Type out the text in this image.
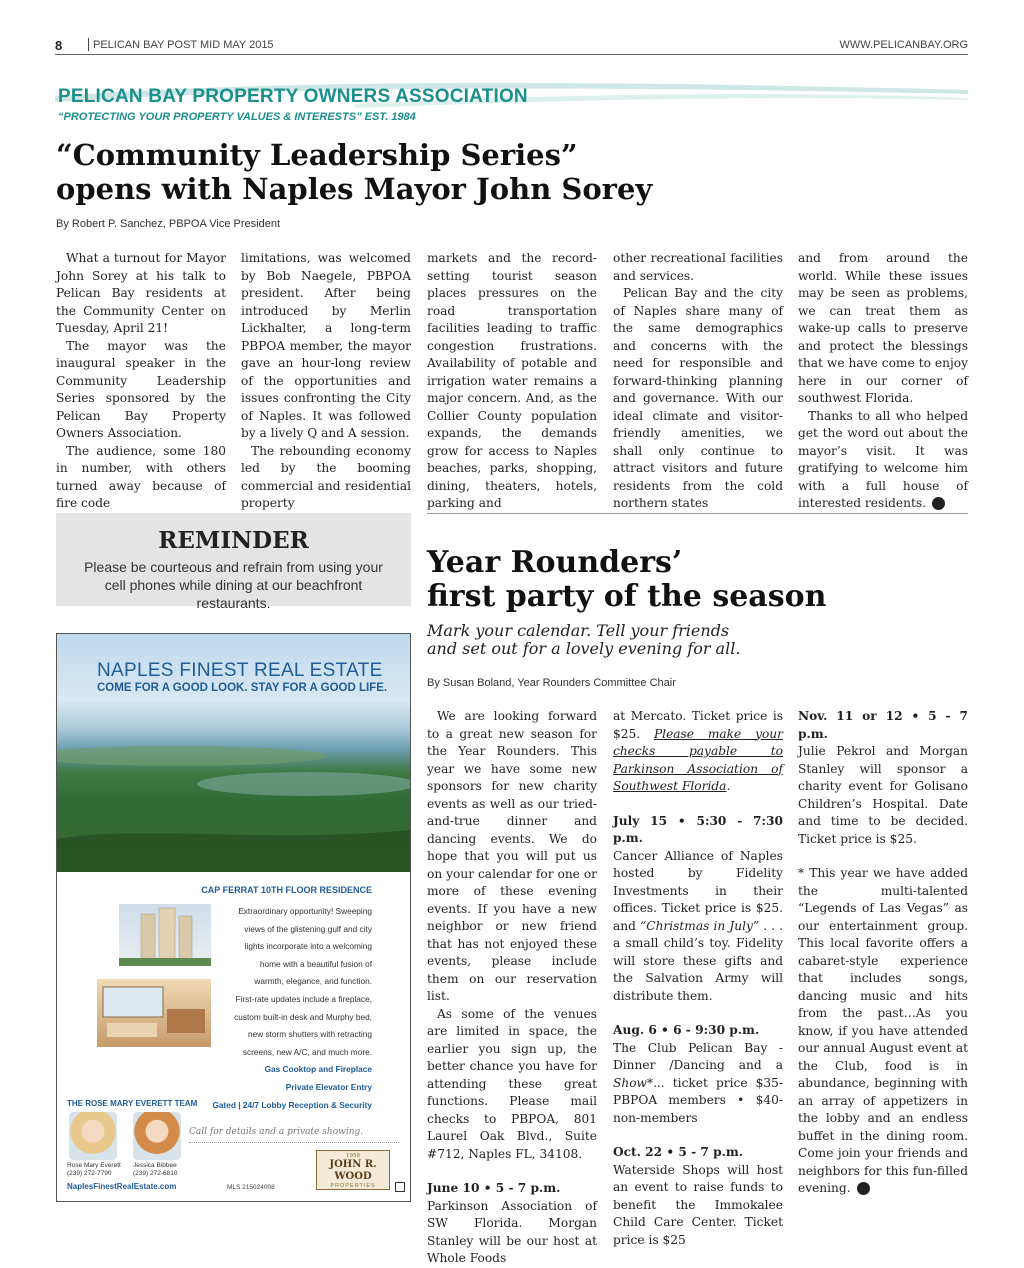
8	PELICAN BAY POST MID MAY 2015	WWW.PELICANBAY.ORG
PELICAN BAY PROPERTY OWNERS ASSOCIATION
“PROTECTING YOUR PROPERTY VALUES & INTERESTS” EST. 1984
“Community Leadership Series”
opens with Naples Mayor John Sorey
By Robert P. Sanchez, PBPOA Vice President

What a turnout for Mayor John Sorey at his talk to Pelican Bay residents at the Community Center on Tuesday, April 21!

The mayor was the inaugural speaker in the Community Leadership Series sponsored by the Pelican Bay Property Owners Association.

The audience, some 180 in number, with others turned away because of fire code

limitations, was welcomed by Bob Naegele, PBPOA president. After being introduced by Merlin Lickhalter, a long-term PBPOA member, the mayor gave an hour-long review of the opportunities and issues confronting the City of Naples. It was followed by a lively Q and A session.

The rebounding economy led by the booming commercial and residential property

markets and the record-setting tourist season places pressures on the road transportation facilities leading to traffic congestion frustrations. Availability of potable and irrigation water remains a major concern. And, as the Collier County population expands, the demands grow for access to Naples beaches, parks, shopping, dining, theaters, hotels, parking and

other recreational facilities and services.

Pelican Bay and the city of Naples share many of the same demographics and concerns with the need for responsible and forward-thinking planning and governance. With our ideal climate and visitor-friendly amenities, we shall only continue to attract visitors and future residents from the cold northern states

and from around the world. While these issues may be seen as problems, we can treat them as wake-up calls to preserve and protect the blessings that we have come to enjoy here in our corner of southwest Florida.

Thanks to all who helped get the word out about the mayor’s visit. It was gratifying to welcome him with a full house of interested residents.

REMINDER
Please be courteous and refrain from using your cell phones while dining at our beachfront restaurants.
NAPLES FINEST REAL ESTATE
COME FOR A GOOD LOOK. STAY FOR A GOOD LIFE.
CAP FERRAT 10TH FLOOR RESIDENCE

Extraordinary opportunity! Sweeping

views of the glistening gulf and city

lights incorporate into a welcoming

home with a beautiful fusion of

warmth, elegance, and function.

First-rate updates include a fireplace,

custom built-in desk and Murphy bed,

new storm shutters with retracting

screens, new A/C, and much more.

Gas Cooktop and Fireplace

Private Elevator Entry

Gated | 24/7 Lobby Reception & Security

THE ROSE MARY EVERETT TEAM
Rose Mary Everett
(239) 272-7790
Jessica Bibbee
(239) 272-6810
NaplesFinestRealEstate.com
Call for details and a private showing.
MLS 215024008
1958
JOHN R. WOOD
PROPERTIES
Year Rounders’
first party of the season
Mark your calendar. Tell your friends
and set out for a lovely evening for all.
By Susan Boland, Year Rounders Committee Chair

We are looking forward to a great new season for the Year Rounders. This year we have some new sponsors for new charity events as well as our tried-and-true dinner and dancing events. We do hope that you will put us on your calendar for one or more of these evening events. If you have a new neighbor or new friend that has not enjoyed these events, please include them on our reservation list.

As some of the venues are limited in space, the earlier you sign up, the better chance you have for attending these great functions. Please mail checks to PBPOA, 801 Laurel Oak Blvd., Suite #712, Naples FL, 34108.

June 10 • 5 - 7 p.m.

Parkinson Association of SW Florida. Morgan Stanley will be our host at Whole Foods

at Mercato. Ticket price is $25. Please make your checks payable to Parkinson Association of Southwest Florida.

July 15 • 5:30 - 7:30 p.m.

Cancer Alliance of Naples hosted by Fidelity Investments in their offices. Ticket price is $25. and “Christmas in July” . . . a small child’s toy. Fidelity will store these gifts and the Salvation Army will distribute them.

Aug. 6 • 6 - 9:30 p.m.

The Club Pelican Bay - Dinner /Dancing and a Show*... ticket price $35-PBPOA members • $40-non-members

Oct. 22 • 5 - 7 p.m.

Waterside Shops will host an event to raise funds to benefit the Immokalee Child Care Center. Ticket price is $25

Nov. 11 or 12 • 5 - 7 p.m.

Julie Pekrol and Morgan Stanley will sponsor a charity event for Golisano Children’s Hospital. Date and time to be decided. Ticket price is $25.

* This year we have added the multi-talented “Legends of Las Vegas” as our entertainment group. This local favorite offers a cabaret-style experience that includes songs, dancing music and hits from the past…As you know, if you have attended our annual August event at the Club, food is in abundance, beginning with an array of appetizers in the lobby and an endless buffet in the dining room. Come join your friends and neighbors for this fun-filled evening.
